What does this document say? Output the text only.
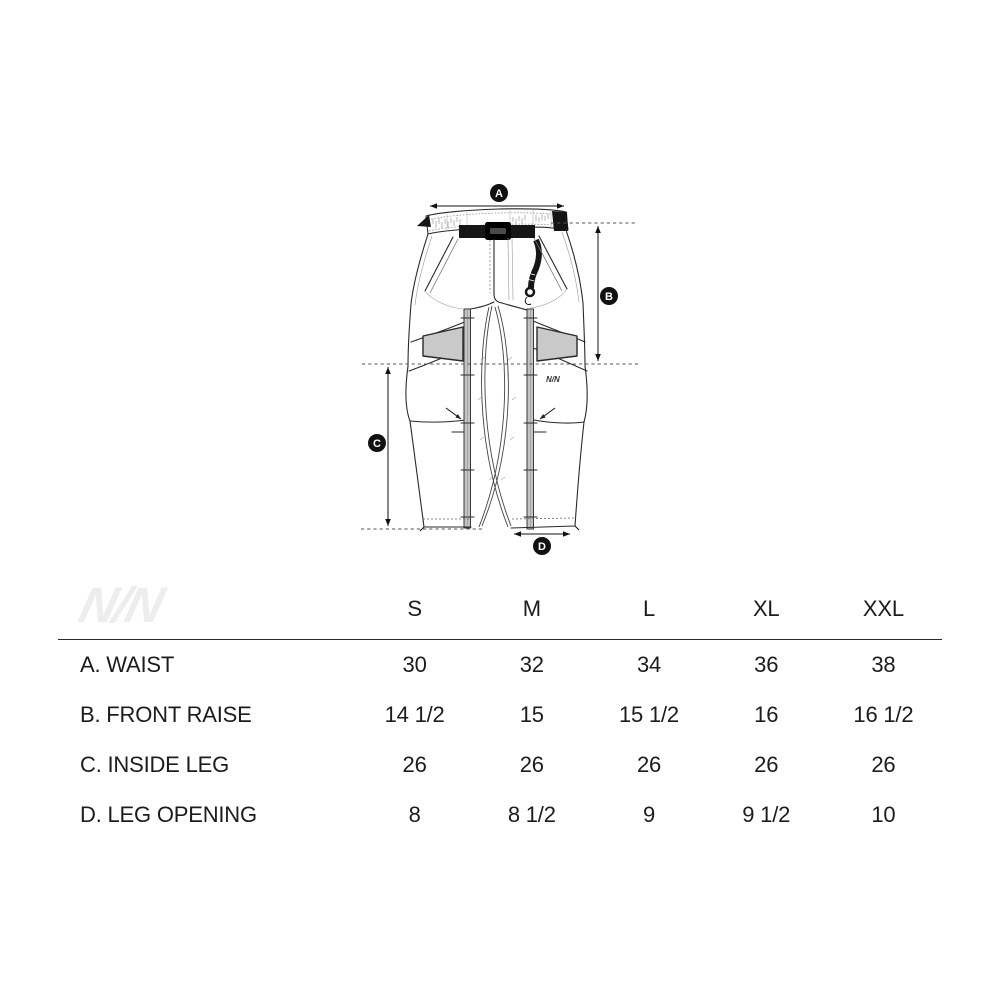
N/N
A
B
C
D
N/N	S	M	L	XL	XXL
A. WAIST	30	32	34	36	38
B. FRONT RAISE	14 1/2	15	15 1/2	16	16 1/2
C. INSIDE LEG	26	26	26	26	26
D. LEG OPENING	8	8 1/2	9	9 1/2	10
